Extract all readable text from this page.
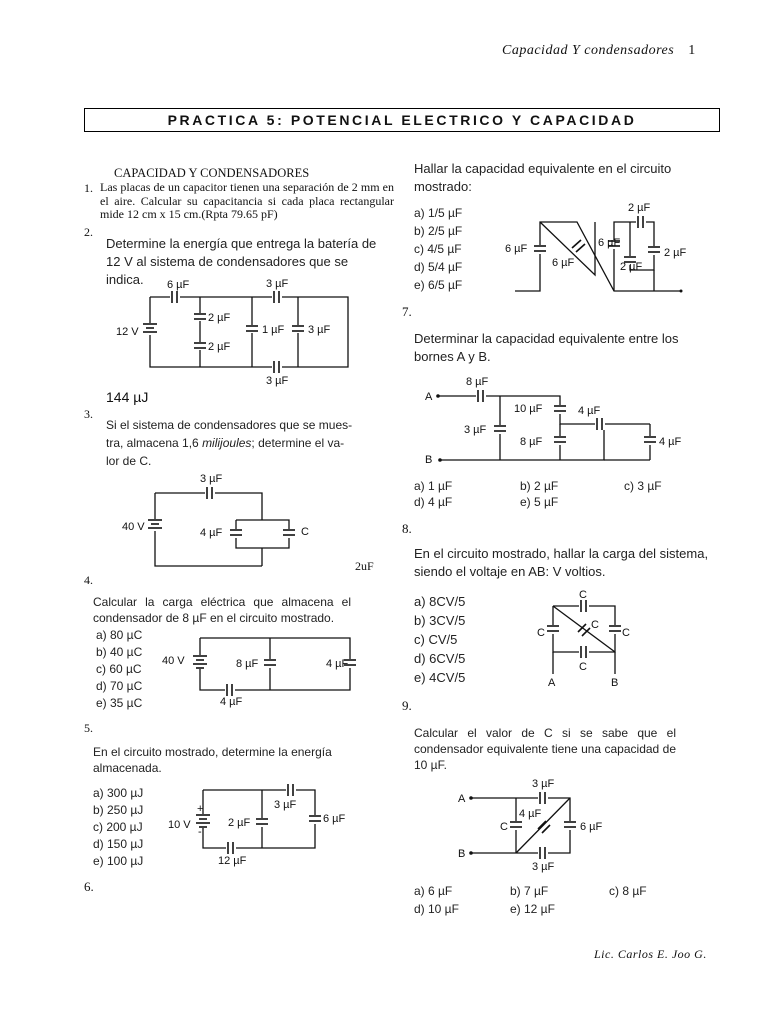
Capacidad Y condensadores 1
PRACTICA 5: POTENCIAL ELECTRICO Y CAPACIDAD
CAPACIDAD Y CONDENSADORES
1. Las placas de un capacitor tienen una separación de 2 mm en el aire. Calcular su capacitancia si cada placa rectangular mide 12 cm x 15 cm.(Rpta 79.65 pF)
2.
Determine la energía que entrega la batería de 12 V al sistema de condensadores que se indica.	6 µF	3 µF
2 µF
2 µF
1 µF 3 µF
3 µF
12 V
144 µJ
3.
Si el sistema de condensadores que se mues-
tra, almacena 1,6 milijoules; determine el va-
lor de C.
3 µF
40 V	4 µF	C
2uF
4.
Calcular la carga eléctrica que almacena el condensador de 8 µF en el circuito mostrado.
a) 80 µC
b) 40 µC
c) 60 µC
d) 70 µC
e) 35 µC
40 V	8 µF	4 µF
4 µF
5.
En el circuito mostrado, determine la energía almacenada.
a) 300 µJ
b) 250 µJ
c) 200 µJ
d) 150 µJ
e) 100 µJ
3 µF
+
10 V
-
2 µF	6 µF
12 µF
6.
Hallar la capacidad equivalente en el circuito mostrado:
a) 1/5 µF
b) 2/5 µF
c) 4/5 µF
d) 5/4 µF
e) 6/5 µF
2 µF
6 µF
6 µF
6 µF
2 µF
2 µF
7.
Determinar la capacidad equivalente entre los bornes A y B.
A
B
8 µF
10 µF	4 µF
3 µF
8 µF	4 µF
a) 1 µF	b) 2 µF	c) 3 µF
d) 4 µF	e) 5 µF
8.
En el circuito mostrado, hallar la carga del sistema, siendo el voltaje en AB: V voltios.
a) 8CV/5
b) 3CV/5
c) CV/5
d) 6CV/5
e) 4CV/5
C
C
C
C
C
A	B
9.
Calcular el valor de C si se sabe que el condensador equivalente tiene una capacidad de 10 µF.
A
B
3 µF
4 µF
C	6 µF
3 µF
a) 6 µF	b) 7 µF	c) 8 µF
d) 10 µF	e) 12 µF
Lic. Carlos E. Joo G.
